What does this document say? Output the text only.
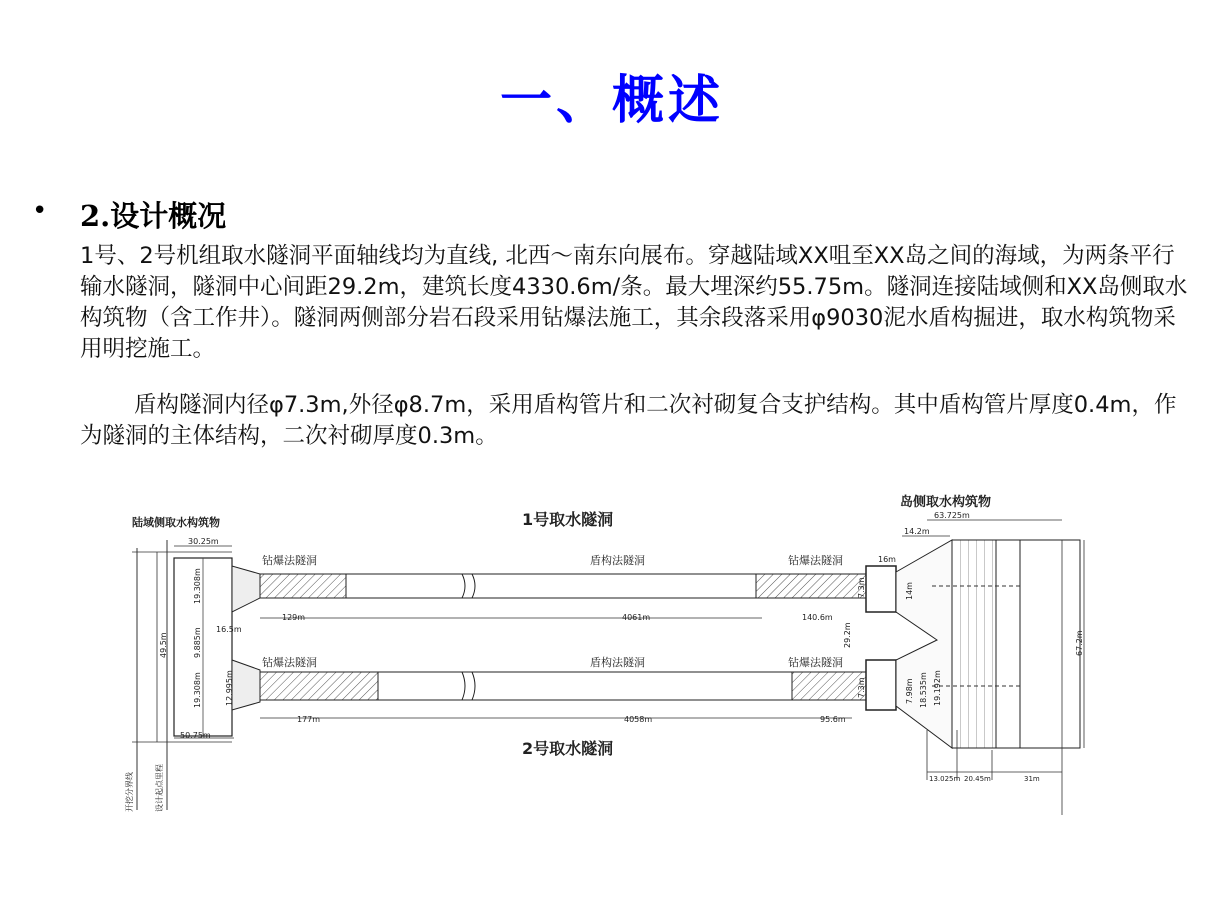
一、概述
• 2.设计概况

1号、2号机组取水隧洞平面轴线均为直线, 北西～南东向展布。穿越陆域XX咀至XX岛之间的海域，为两条平行输水隧洞，隧洞中心间距29.2m，建筑长度4330.6m/条。最大埋深约55.75m。隧洞连接陆域侧和XX岛侧取水构筑物（含工作井）。隧洞两侧部分岩石段采用钻爆法施工，其余段落采用φ9030泥水盾构掘进，取水构筑物采用明挖施工。

盾构隧洞内径φ7.3m,外径φ8.7m，采用盾构管片和二次衬砌复合支护结构。其中盾构管片厚度0.4m，作为隧洞的主体结构，二次衬砌厚度0.3m。

陆域侧取水构筑物	1号取水隧洞
2号取水隧洞
岛侧取水构筑物
钻爆法隧洞	盾构法隧洞	钻爆法隧洞
钻爆法隧洞	盾构法隧洞	钻爆法隧洞
30.25m
63.725m
14.2m
16m
129m	4061m	140.6m
16.5m
177m	4058m	95.6m
50.75m
13.025m 20.45m	31m
19.308m
49.5m	9.885m
19.308m	12.995m
7.3m	14m
29.2m
7.3m	7.98m 18.535m 19.192m
67.2m
开挖分界线	设计起点里程
